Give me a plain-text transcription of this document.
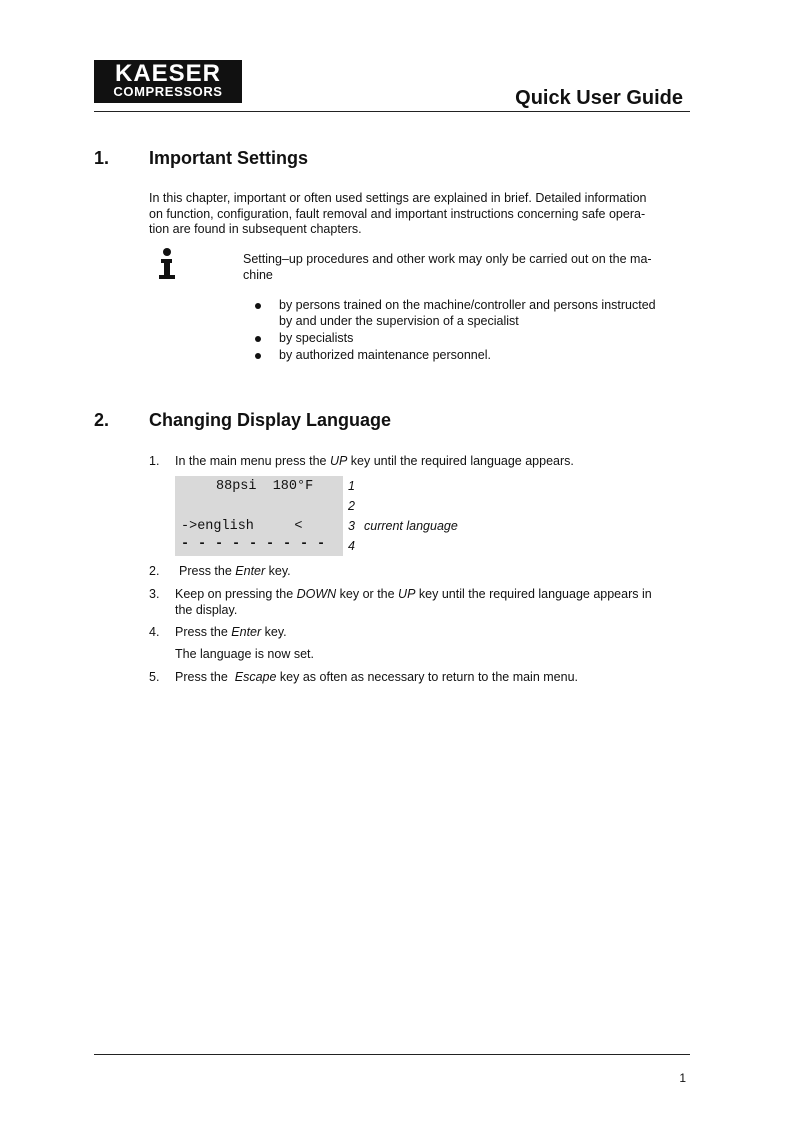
KAESER
COMPRESSORS	Quick User Guide
1. Important Settings
In this chapter, important or often used settings are explained in brief. Detailed information
on function, configuration, fault removal and important instructions concerning safe opera-
tion are found in subsequent chapters.
Setting–up procedures and other work may only be carried out on the ma-
chine
by persons trained on the machine/controller and persons instructed
by and under the supervision of a specialist
by specialists
by authorized maintenance personnel.
2. Changing Display Language
1. In the main menu press the UP key until the required language appears.
88psi  180°F
->english     <
- - - - - - - - -
1
2
3 current language
4
2. Press the Enter key.
3. Keep on pressing the DOWN key or the UP key until the required language appears in
the display.
4. Press the Enter key.
The language is now set.
5. Press the  Escape key as often as necessary to return to the main menu.
1
